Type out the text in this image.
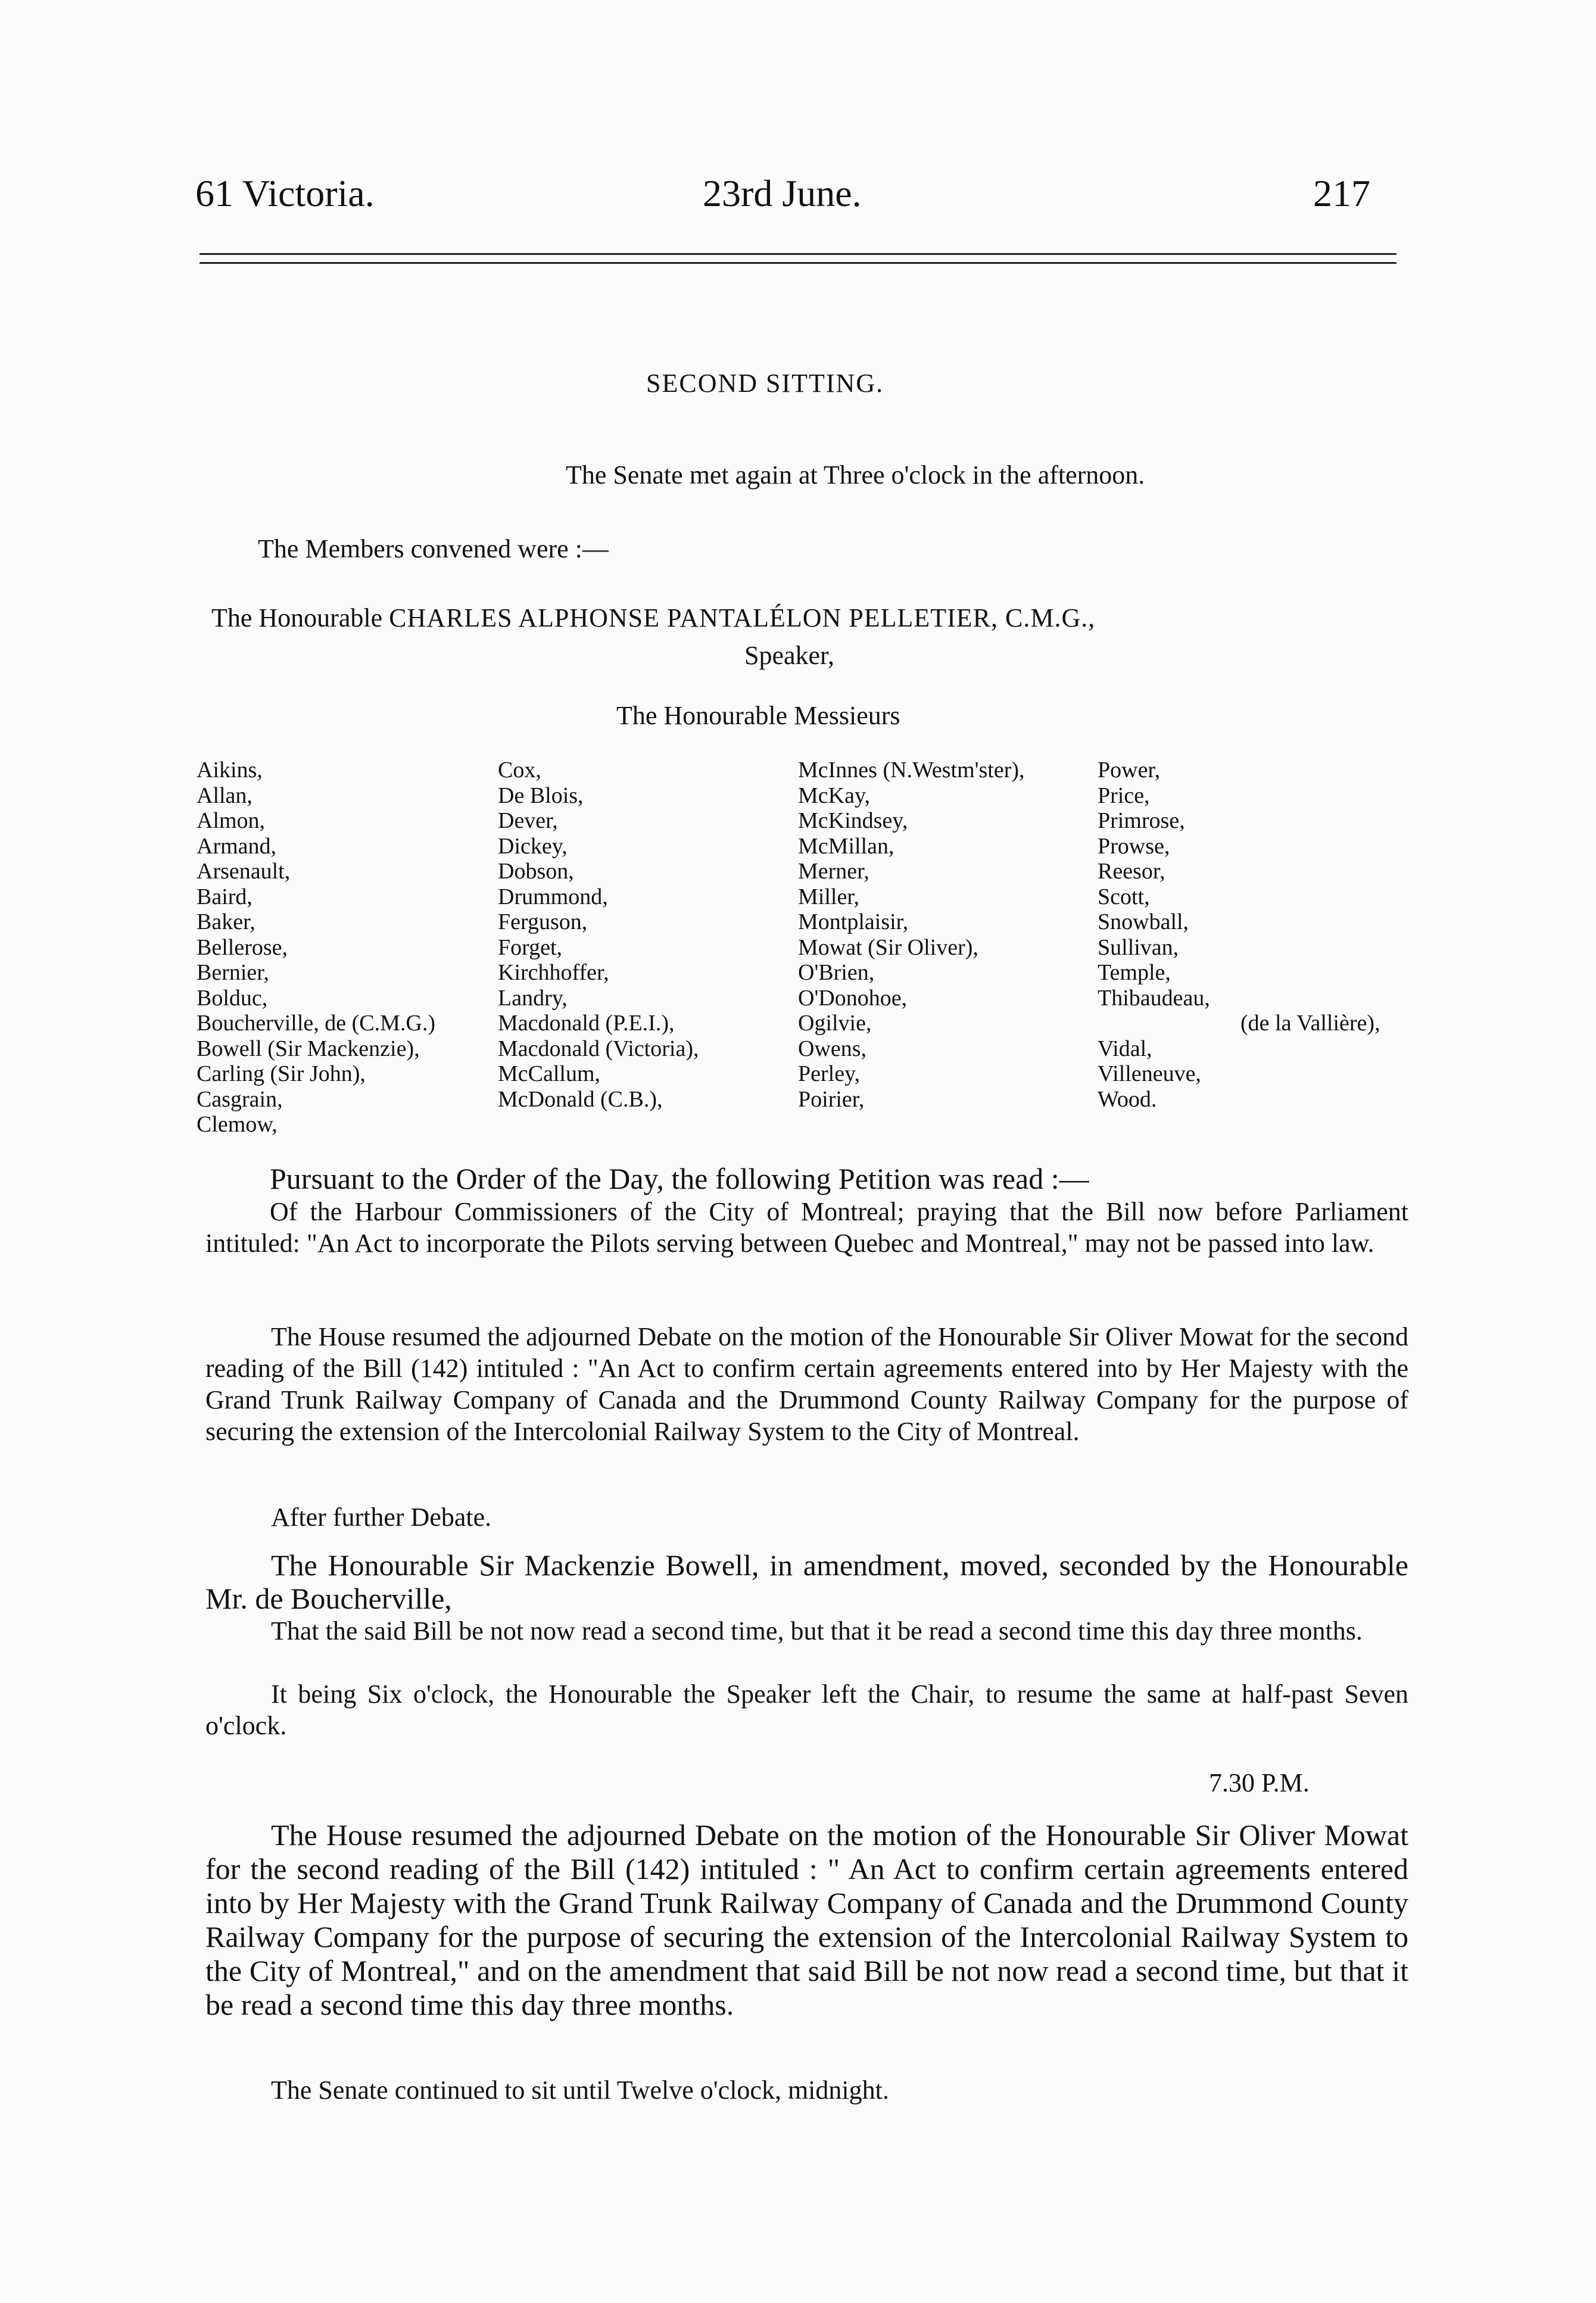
61 Victoria.	23rd June.	217
SECOND SITTING.
The Senate met again at Three o'clock in the afternoon.
The Members convened were :—
The Honourable CHARLES ALPHONSE PANTALÉLON PELLETIER, C.M.G.,
Speaker,
The Honourable Messieurs
Aikins,
Allan,
Almon,
Armand,
Arsenault,
Baird,
Baker,
Bellerose,
Bernier,
Bolduc,
Boucherville, de (C.M.G.)
Bowell (Sir Mackenzie),
Carling (Sir John),
Casgrain,
Clemow,
Cox,
De Blois,
Dever,
Dickey,
Dobson,
Drummond,
Ferguson,
Forget,
Kirchhoffer,
Landry,
Macdonald (P.E.I.),
Macdonald (Victoria),
McCallum,
McDonald (C.B.),
McInnes (N.Westm'ster),
McKay,
McKindsey,
McMillan,
Merner,
Miller,
Montplaisir,
Mowat (Sir Oliver),
O'Brien,
O'Donohoe,
Ogilvie,
Owens,
Perley,
Poirier,
Power,
Price,
Primrose,
Prowse,
Reesor,
Scott,
Snowball,
Sullivan,
Temple,
Thibaudeau,
(de la Vallière),
Vidal,
Villeneuve,
Wood.
Pursuant to the Order of the Day, the following Petition was read :—
Of the Harbour Commissioners of the City of Montreal; praying that the Bill now before Parliament intituled: "An Act to incorporate the Pilots serving between Quebec and Montreal," may not be passed into law.
The House resumed the adjourned Debate on the motion of the Honourable Sir Oliver Mowat for the second reading of the Bill (142) intituled : "An Act to confirm certain agreements entered into by Her Majesty with the Grand Trunk Railway Company of Canada and the Drummond County Railway Company for the purpose of securing the extension of the Intercolonial Railway System to the City of Montreal.
After further Debate.
The Honourable Sir Mackenzie Bowell, in amendment, moved, seconded by the Honourable Mr. de Boucherville,
That the said Bill be not now read a second time, but that it be read a second time this day three months.
It being Six o'clock, the Honourable the Speaker left the Chair, to resume the same at half-past Seven o'clock.
7.30 P.M.
The House resumed the adjourned Debate on the motion of the Honourable Sir Oliver Mowat for the second reading of the Bill (142) intituled : " An Act to confirm certain agreements entered into by Her Majesty with the Grand Trunk Railway Company of Canada and the Drummond County Railway Company for the purpose of securing the extension of the Intercolonial Railway System to the City of Montreal," and on the amendment that said Bill be not now read a second time, but that it be read a second time this day three months.
The Senate continued to sit until Twelve o'clock, midnight.
